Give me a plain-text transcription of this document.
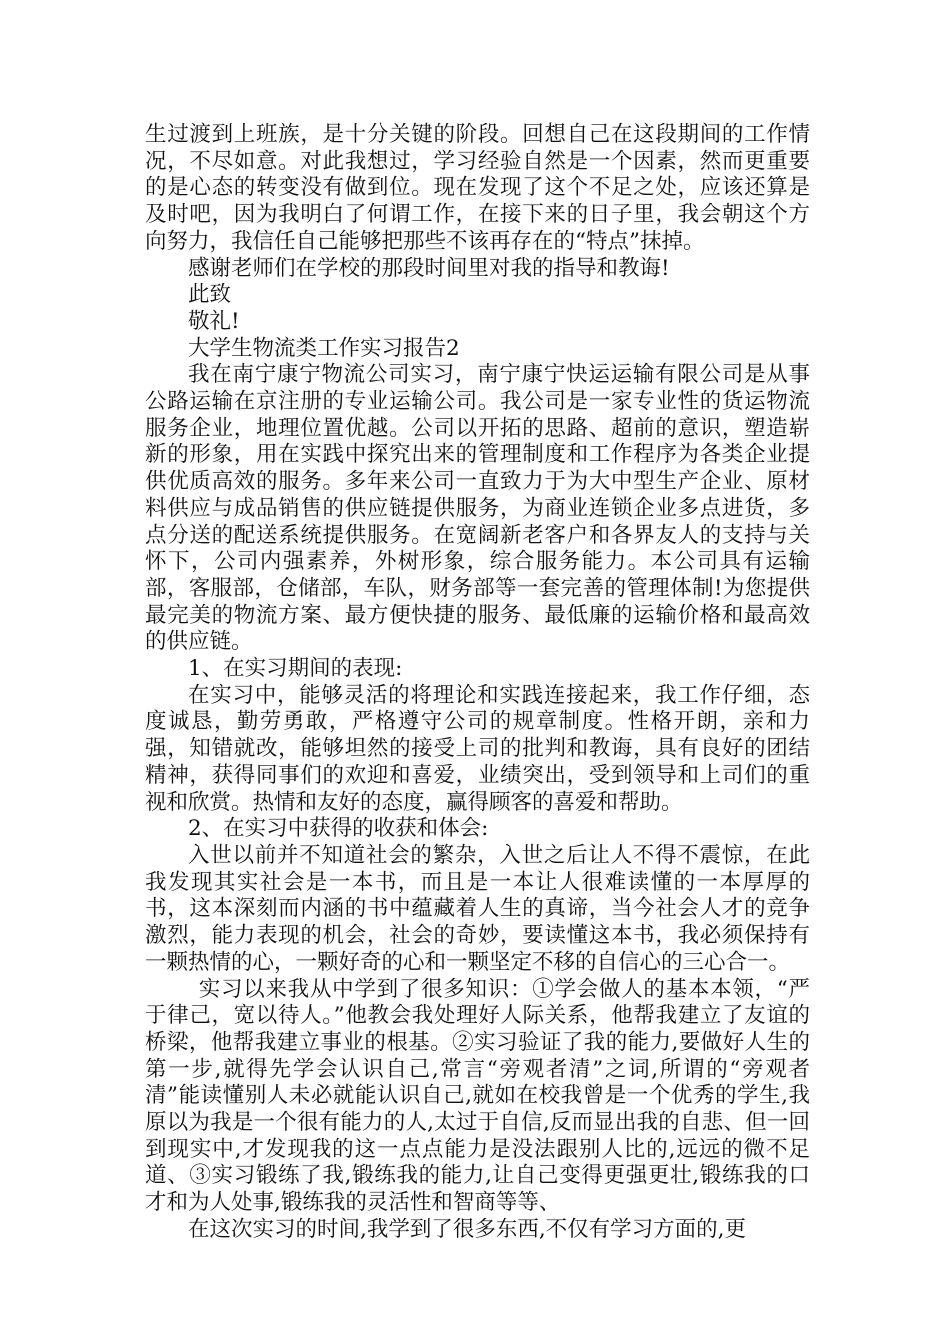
生过渡到上班族，是十分关键的阶段。回想自己在这段期间的工作情况，不尽如意。对此我想过，学习经验自然是一个因素，然而更重要的是心态的转变没有做到位。现在发现了这个不足之处，应该还算是及时吧，因为我明白了何谓工作，在接下来的日子里，我会朝这个方向努力，我信任自己能够把那些不该再存在的“特点”抹掉。

感谢老师们在学校的那段时间里对我的指导和教诲!

此致

敬礼!

大学生物流类工作实习报告2

我在南宁康宁物流公司实习，南宁康宁快运运输有限公司是从事公路运输在京注册的专业运输公司。我公司是一家专业性的货运物流服务企业，地理位置优越。公司以开拓的思路、超前的意识，塑造崭新的形象，用在实践中探究出来的管理制度和工作程序为各类企业提供优质高效的服务。多年来公司一直致力于为大中型生产企业、原材料供应与成品销售的供应链提供服务，为商业连锁企业多点进货，多点分送的配送系统提供服务。在宽阔新老客户和各界友人的支持与关怀下，公司内强素养，外树形象，综合服务能力。本公司具有运输部，客服部，仓储部，车队，财务部等一套完善的管理体制!为您提供最完美的物流方案、最方便快捷的服务、最低廉的运输价格和最高效的供应链。

1、在实习期间的表现:

在实习中，能够灵活的将理论和实践连接起来，我工作仔细，态度诚恳，勤劳勇敢，严格遵守公司的规章制度。性格开朗，亲和力强，知错就改，能够坦然的接受上司的批判和教诲，具有良好的团结精神，获得同事们的欢迎和喜爱，业绩突出，受到领导和上司们的重视和欣赏。热情和友好的态度，赢得顾客的喜爱和帮助。

2、在实习中获得的收获和体会:

入世以前并不知道社会的繁杂，入世之后让人不得不震惊，在此我发现其实社会是一本书，而且是一本让人很难读懂的一本厚厚的书，这本深刻而内涵的书中蕴藏着人生的真谛，当今社会人才的竞争激烈，能力表现的机会，社会的奇妙，要读懂这本书，我必须保持有一颗热情的心，一颗好奇的心和一颗坚定不移的自信心的三心合一。

实习以来我从中学到了很多知识：①学会做人的基本本领，“严于律己，宽以待人。”他教会我处理好人际关系，他帮我建立了友谊的桥梁，他帮我建立事业的根基。②实习验证了我的能力,要做好人生的第一步,就得先学会认识自己,常言“旁观者清”之词,所谓的“旁观者清”能读懂别人未必就能认识自己,就如在校我曾是一个优秀的学生,我原以为我是一个很有能力的人,太过于自信,反而显出我的自悲、但一回到现实中,才发现我的这一点点能力是没法跟别人比的,远远的微不足道、③实习锻练了我,锻练我的能力,让自己变得更强更壮,锻练我的口才和为人处事,锻练我的灵活性和智商等等、

在这次实习的时间,我学到了很多东西,不仅有学习方面的,更
